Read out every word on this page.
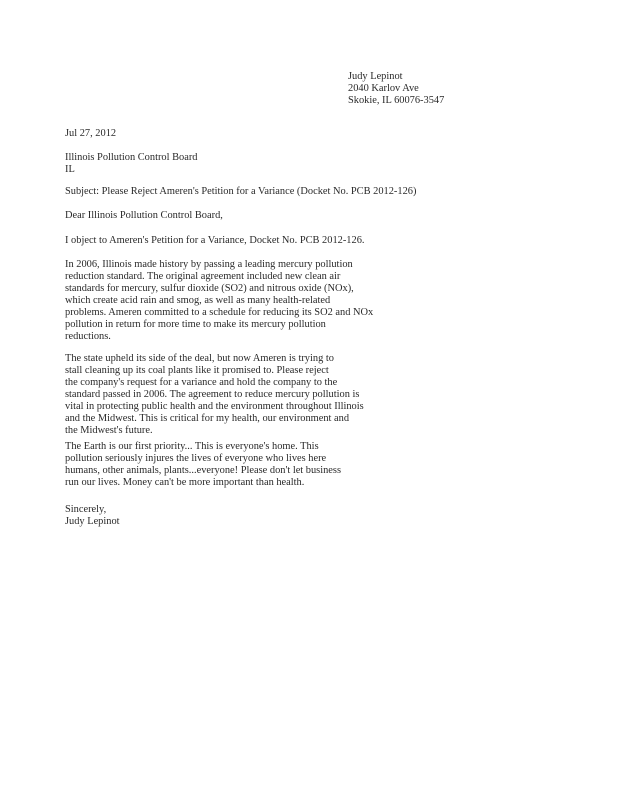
Judy Lepinot
2040 Karlov Ave
Skokie, IL 60076-3547
Jul 27, 2012
Illinois Pollution Control Board
IL
Subject: Please Reject Ameren's Petition for a Variance (Docket No. PCB 2012-126)
Dear Illinois Pollution Control Board,
I object to Ameren's Petition for a Variance, Docket No. PCB 2012-126.
In 2006, Illinois made history by passing a leading mercury pollution
reduction standard. The original agreement included new clean air
standards for mercury, sulfur dioxide (SO2) and nitrous oxide (NOx),
which create acid rain and smog, as well as many health-related
problems. Ameren committed to a schedule for reducing its SO2 and NOx
pollution in return for more time to make its mercury pollution
reductions.
The state upheld its side of the deal, but now Ameren is trying to
stall cleaning up its coal plants like it promised to. Please reject
the company's request for a variance and hold the company to the
standard passed in 2006. The agreement to reduce mercury pollution is
vital in protecting public health and the environment throughout Illinois
and the Midwest. This is critical for my health, our environment and
the Midwest's future.
The Earth is our first priority... This is everyone's home. This
pollution seriously injures the lives of everyone who lives here
humans, other animals, plants...everyone! Please don't let business
run our lives. Money can't be more important than health.
Sincerely,
Judy Lepinot
